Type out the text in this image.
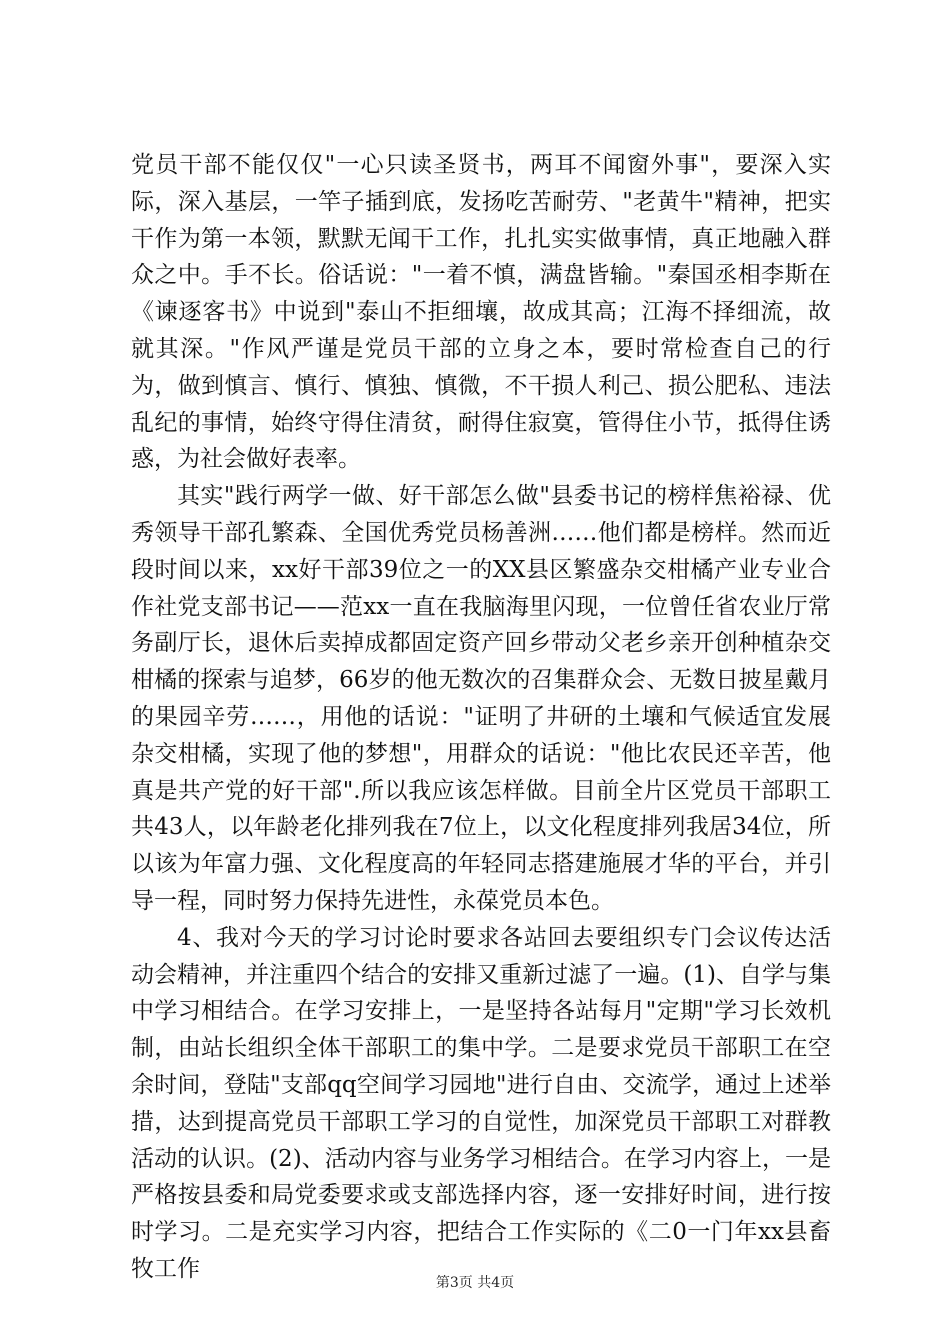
党员干部不能仅仅"一心只读圣贤书，两耳不闻窗外事"，要深入实际，深入基层，一竿子插到底，发扬吃苦耐劳、"老黄牛"精神，把实干作为第一本领，默默无闻干工作，扎扎实实做事情，真正地融入群众之中。手不长。俗话说："一着不慎，满盘皆输。"秦国丞相李斯在《谏逐客书》中说到"泰山不拒细壤，故成其高；江海不择细流，故就其深。"作风严谨是党员干部的立身之本，要时常检查自己的行为，做到慎言、慎行、慎独、慎微，不干损人利己、损公肥私、违法乱纪的事情，始终守得住清贫，耐得住寂寞，管得住小节，抵得住诱惑，为社会做好表率。

其实"践行两学一做、好干部怎么做"县委书记的榜样焦裕禄、优秀领导干部孔繁森、全国优秀党员杨善洲……他们都是榜样。然而近段时间以来，xx好干部39位之一的XX县区繁盛杂交柑橘产业专业合作社党支部书记——范xx一直在我脑海里闪现，一位曾任省农业厅常务副厅长，退休后卖掉成都固定资产回乡带动父老乡亲开创种植杂交柑橘的探索与追梦，66岁的他无数次的召集群众会、无数日披星戴月的果园辛劳……，用他的话说："证明了井研的土壤和气候适宜发展杂交柑橘，实现了他的梦想"，用群众的话说："他比农民还辛苦，他真是共产党的好干部".所以我应该怎样做。目前全片区党员干部职工共43人，以年龄老化排列我在7位上，以文化程度排列我居34位，所以该为年富力强、文化程度高的年轻同志搭建施展才华的平台，并引导一程，同时努力保持先进性，永葆党员本色。

4、我对今天的学习讨论时要求各站回去要组织专门会议传达活动会精神，并注重四个结合的安排又重新过滤了一遍。(1)、自学与集中学习相结合。在学习安排上，一是坚持各站每月"定期"学习长效机制，由站长组织全体干部职工的集中学。二是要求党员干部职工在空余时间，登陆"支部qq空间学习园地"进行自由、交流学，通过上述举措，达到提高党员干部职工学习的自觉性，加深党员干部职工对群教活动的认识。(2)、活动内容与业务学习相结合。在学习内容上，一是严格按县委和局党委要求或支部选择内容，逐一安排好时间，进行按时学习。二是充实学习内容，把结合工作实际的《二0一门年xx县畜牧工作

第3页 共4页
